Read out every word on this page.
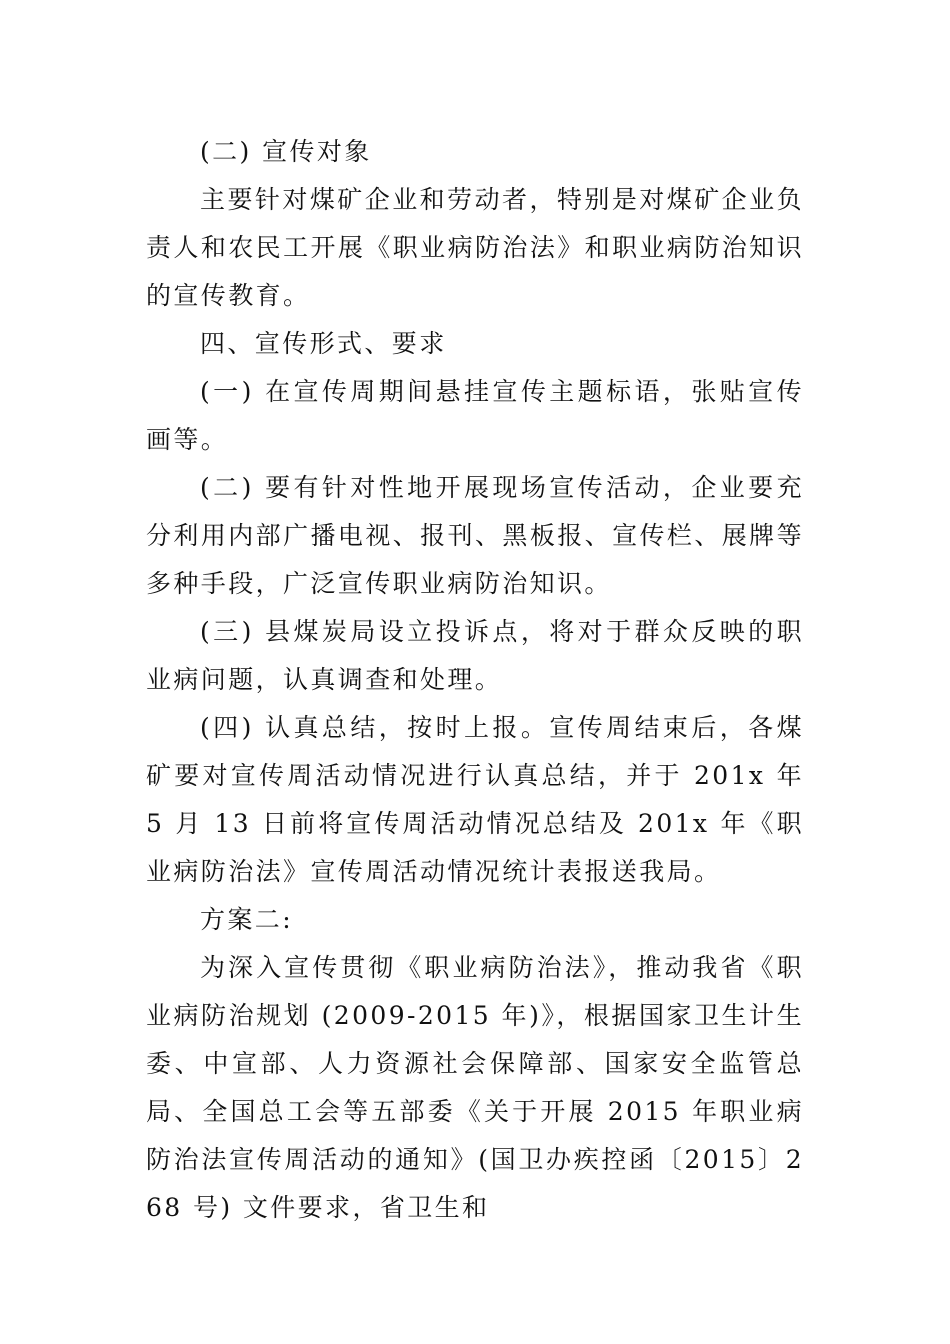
(二) 宣传对象

主要针对煤矿企业和劳动者，特别是对煤矿企业负责人和农民工开展《职业病防治法》和职业病防治知识的宣传教育。

四、宣传形式、要求

(一) 在宣传周期间悬挂宣传主题标语，张贴宣传画等。

(二) 要有针对性地开展现场宣传活动，企业要充分利用内部广播电视、报刊、黑板报、宣传栏、展牌等多种手段，广泛宣传职业病防治知识。

(三) 县煤炭局设立投诉点，将对于群众反映的职业病问题，认真调查和处理。

(四) 认真总结，按时上报。宣传周结束后，各煤矿要对宣传周活动情况进行认真总结，并于 201x 年 5 月 13 日前将宣传周活动情况总结及 201x 年《职业病防治法》宣传周活动情况统计表报送我局。

方案二:

为深入宣传贯彻《职业病防治法》，推动我省《职业病防治规划 (2009-2015 年)》，根据国家卫生计生委、中宣部、人力资源社会保障部、国家安全监管总局、全国总工会等五部委《关于开展 2015 年职业病防治法宣传周活动的通知》(国卫办疾控函〔2015〕268 号) 文件要求，省卫生和
